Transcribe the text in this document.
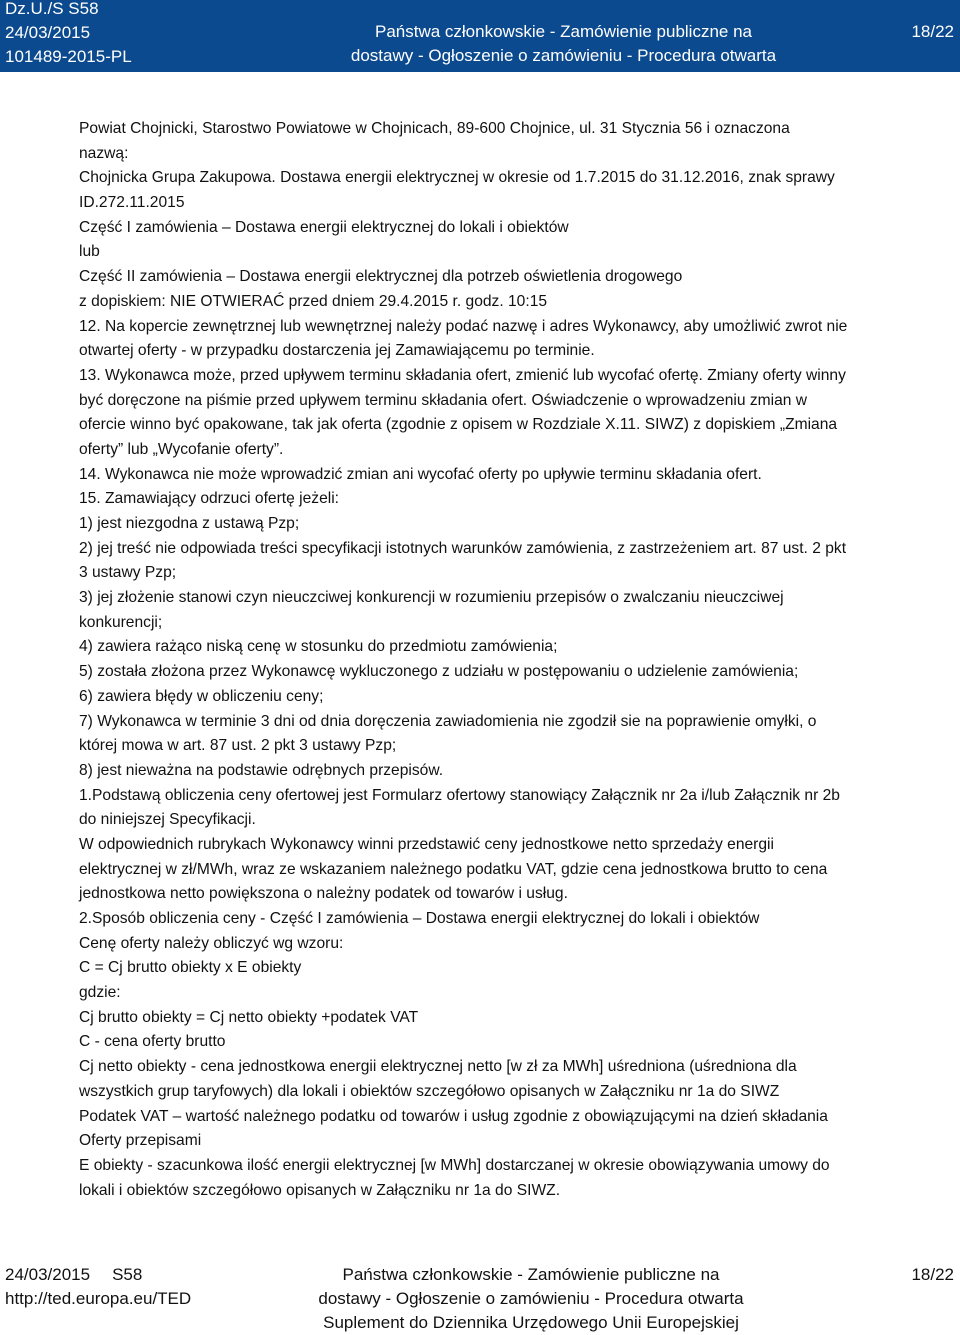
Dz.U./S S58
24/03/2015
101489-2015-PL
Państwa członkowskie - Zamówienie publiczne na
dostawy - Ogłoszenie o zamówieniu - Procedura otwarta
18/22
Powiat Chojnicki, Starostwo Powiatowe w Chojnicach, 89-600 Chojnice, ul. 31 Stycznia 56 i oznaczona
nazwą:
Chojnicka Grupa Zakupowa. Dostawa energii elektrycznej w okresie od 1.7.2015 do 31.12.2016, znak sprawy
ID.272.11.2015
Część I zamówienia – Dostawa energii elektrycznej do lokali i obiektów
lub
Część II zamówienia – Dostawa energii elektrycznej dla potrzeb oświetlenia drogowego
z dopiskiem: NIE OTWIERAĆ przed dniem 29.4.2015 r. godz. 10:15
12. Na kopercie zewnętrznej lub wewnętrznej należy podać nazwę i adres Wykonawcy, aby umożliwić zwrot nie
otwartej oferty - w przypadku dostarczenia jej Zamawiającemu po terminie.
13. Wykonawca może, przed upływem terminu składania ofert, zmienić lub wycofać ofertę. Zmiany oferty winny
być doręczone na piśmie przed upływem terminu składania ofert. Oświadczenie o wprowadzeniu zmian w
ofercie winno być opakowane, tak jak oferta (zgodnie z opisem w Rozdziale X.11. SIWZ) z dopiskiem „Zmiana
oferty” lub „Wycofanie oferty”.
14. Wykonawca nie może wprowadzić zmian ani wycofać oferty po upływie terminu składania ofert.
15. Zamawiający odrzuci ofertę jeżeli:
1) jest niezgodna z ustawą Pzp;
2) jej treść nie odpowiada treści specyfikacji istotnych warunków zamówienia, z zastrzeżeniem art. 87 ust. 2 pkt
3 ustawy Pzp;
3) jej złożenie stanowi czyn nieuczciwej konkurencji w rozumieniu przepisów o zwalczaniu nieuczciwej
konkurencji;
4) zawiera rażąco niską cenę w stosunku do przedmiotu zamówienia;
5) została złożona przez Wykonawcę wykluczonego z udziału w postępowaniu o udzielenie zamówienia;
6) zawiera błędy w obliczeniu ceny;
7) Wykonawca w terminie 3 dni od dnia doręczenia zawiadomienia nie zgodził sie na poprawienie omyłki, o
której mowa w art. 87 ust. 2 pkt 3 ustawy Pzp;
8) jest nieważna na podstawie odrębnych przepisów.
1.Podstawą obliczenia ceny ofertowej jest Formularz ofertowy stanowiący Załącznik nr 2a i/lub Załącznik nr 2b
do niniejszej Specyfikacji.
W odpowiednich rubrykach Wykonawcy winni przedstawić ceny jednostkowe netto sprzedaży energii
elektrycznej w zł/MWh, wraz ze wskazaniem należnego podatku VAT, gdzie cena jednostkowa brutto to cena
jednostkowa netto powiększona o należny podatek od towarów i usług.
2.Sposób obliczenia ceny - Część I zamówienia – Dostawa energii elektrycznej do lokali i obiektów
Cenę oferty należy obliczyć wg wzoru:
C = Cj brutto obiekty x E obiekty
gdzie:
Cj brutto obiekty = Cj netto obiekty +podatek VAT
C - cena oferty brutto
Cj netto obiekty - cena jednostkowa energii elektrycznej netto [w zł za MWh] uśredniona (uśredniona dla
wszystkich grup taryfowych) dla lokali i obiektów szczegółowo opisanych w Załączniku nr 1a do SIWZ
Podatek VAT – wartość należnego podatku od towarów i usług zgodnie z obowiązującymi na dzień składania
Oferty przepisami
E obiekty - szacunkowa ilość energii elektrycznej [w MWh] dostarczanej w okresie obowiązywania umowy do
lokali i obiektów szczegółowo opisanych w Załączniku nr 1a do SIWZ.
24/03/2015 S58
http://ted.europa.eu/TED
Państwa członkowskie - Zamówienie publiczne na
dostawy - Ogłoszenie o zamówieniu - Procedura otwarta
Suplement do Dziennika Urzędowego Unii Europejskiej
18/22
